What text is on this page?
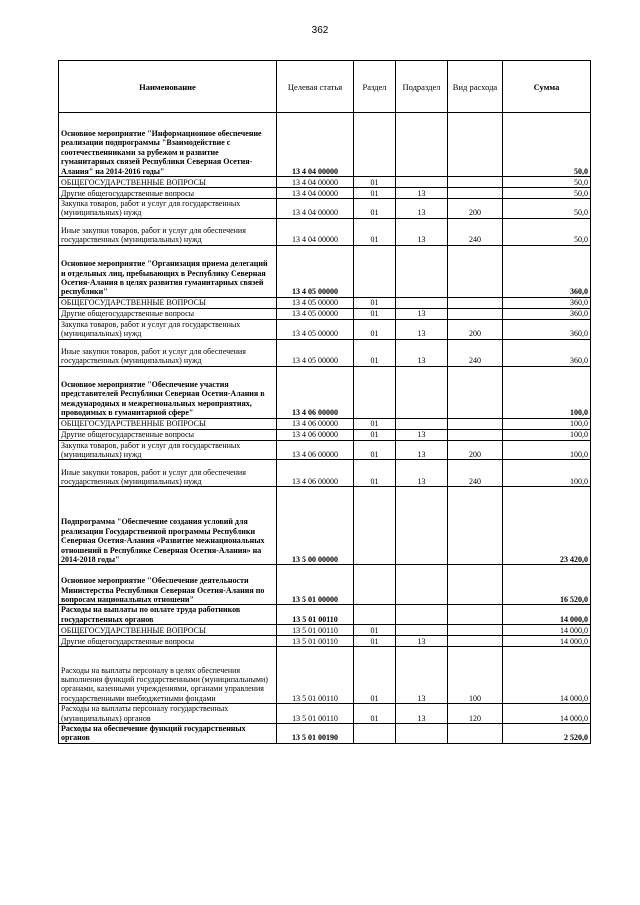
362
Наименование	Целевая статья	Раздел	Подраздел	Вид расхода	Сумма
Основное мероприятие "Информационное обеспечение реализации подпрограммы "Взаимодействие с соотечественниками за рубежом и развитие гуманитарных связей Республики Северная Осетия-Алания" на 2014-2016 годы"	13 4 04 00000				50,0
ОБЩЕГОСУДАРСТВЕННЫЕ ВОПРОСЫ	13 4 04 00000	01			50,0
Другие общегосударственные вопросы	13 4 04 00000	01	13		50,0
Закупка товаров, работ и услуг для государственных (муниципальных) нужд	13 4 04 00000	01	13	200	50,0
Иные закупки товаров, работ и услуг для обеспечения государственных (муниципальных) нужд	13 4 04 00000	01	13	240	50,0
Основное мероприятие "Организация приема делегаций и отдельных лиц, пребывающих в Республику Северная Осетия-Алания в целях развития гуманитарных связей республики"	13 4 05 00000				360,0
ОБЩЕГОСУДАРСТВЕННЫЕ ВОПРОСЫ	13 4 05 00000	01			360,0
Другие общегосударственные вопросы	13 4 05 00000	01	13		360,0
Закупка товаров, работ и услуг для государственных (муниципальных) нужд	13 4 05 00000	01	13	200	360,0
Иные закупки товаров, работ и услуг для обеспечения государственных (муниципальных) нужд	13 4 05 00000	01	13	240	360,0
Основное мероприятие "Обеспечение участия представителей Республики Северная Осетия-Алания в международных и межрегиональных мероприятиях, проводимых в гуманитарной сфере"	13 4 06 00000				100,0
ОБЩЕГОСУДАРСТВЕННЫЕ ВОПРОСЫ	13 4 06 00000	01			100,0
Другие общегосударственные вопросы	13 4 06 00000	01	13		100,0
Закупка товаров, работ и услуг для государственных (муниципальных) нужд	13 4 06 00000	01	13	200	100,0
Иные закупки товаров, работ и услуг для обеспечения государственных (муниципальных) нужд	13 4 06 00000	01	13	240	100,0
Подпрограмма "Обеспечение создания условий для реализации Государственной программы Республики Северная Осетия-Алания «Развитие межнациональных отношений в Республике Северная Осетия-Алания» на 2014-2018 годы"	13 5 00 00000				23 420,0
Основное мероприятие "Обеспечение деятельности Министерства Республики Северная Осетия-Алания по вопросам национальных отношени"	13 5 01 00000				16 520,0
Расходы на выплаты по оплате труда работников государственных органов	13 5 01 00110				14 000,0
ОБЩЕГОСУДАРСТВЕННЫЕ ВОПРОСЫ	13 5 01 00110	01			14 000,0
Другие общегосударственные вопросы	13 5 01 00110	01	13		14 000,0
Расходы на выплаты персоналу в целях обеспечения выполнения функций государственными (муниципальными) органами, казенными учреждениями, органами управления государственными внебюджетными фондами	13 5 01 00110	01	13	100	14 000,0
Расходы на выплаты персоналу государственных (муниципальных) органов	13 5 01 00110	01	13	120	14 000,0
Расходы на обеспечение функций государственных органов	13 5 01 00190				2 520,0
